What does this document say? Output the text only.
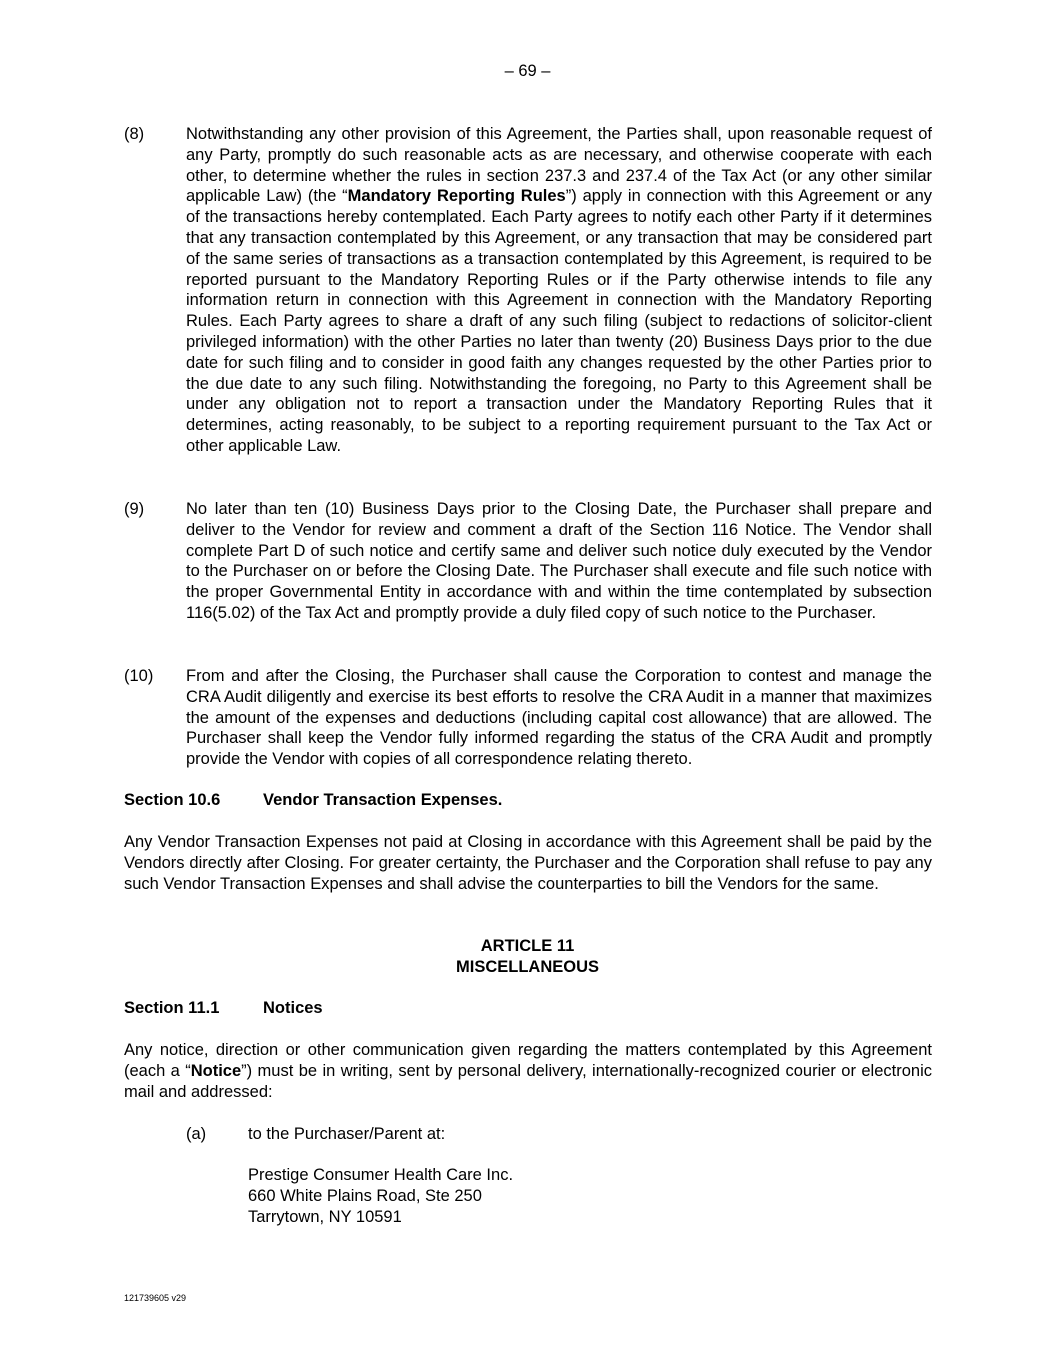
– 69 –
(8)	Notwithstanding any other provision of this Agreement, the Parties shall, upon reasonable request of any Party, promptly do such reasonable acts as are necessary, and otherwise cooperate with each other, to determine whether the rules in section 237.3 and 237.4 of the Tax Act (or any other similar applicable Law) (the “Mandatory Reporting Rules”) apply in connection with this Agreement or any of the transactions hereby contemplated. Each Party agrees to notify each other Party if it determines that any transaction contemplated by this Agreement, or any transaction that may be considered part of the same series of transactions as a transaction contemplated by this Agreement, is required to be reported pursuant to the Mandatory Reporting Rules or if the Party otherwise intends to file any information return in connection with this Agreement in connection with the Mandatory Reporting Rules. Each Party agrees to share a draft of any such filing (subject to redactions of solicitor-client privileged information) with the other Parties no later than twenty (20) Business Days prior to the due date for such filing and to consider in good faith any changes requested by the other Parties prior to the due date to any such filing. Notwithstanding the foregoing, no Party to this Agreement shall be under any obligation not to report a transaction under the Mandatory Reporting Rules that it determines, acting reasonably, to be subject to a reporting requirement pursuant to the Tax Act or other applicable Law.
(9)	No later than ten (10) Business Days prior to the Closing Date, the Purchaser shall prepare and deliver to the Vendor for review and comment a draft of the Section 116 Notice. The Vendor shall complete Part D of such notice and certify same and deliver such notice duly executed by the Vendor to the Purchaser on or before the Closing Date. The Purchaser shall execute and file such notice with the proper Governmental Entity in accordance with and within the time contemplated by subsection 116(5.02) of the Tax Act and promptly provide a duly filed copy of such notice to the Purchaser.
(10) From and after the Closing, the Purchaser shall cause the Corporation to contest and manage the CRA Audit diligently and exercise its best efforts to resolve the CRA Audit in a manner that maximizes the amount of the expenses and deductions (including capital cost allowance) that are allowed. The Purchaser shall keep the Vendor fully informed regarding the status of the CRA Audit and promptly provide the Vendor with copies of all correspondence relating thereto.
Section 10.6	Vendor Transaction Expenses.
Any Vendor Transaction Expenses not paid at Closing in accordance with this Agreement shall be paid by the Vendors directly after Closing. For greater certainty, the Purchaser and the Corporation shall refuse to pay any such Vendor Transaction Expenses and shall advise the counterparties to bill the Vendors for the same.
ARTICLE 11
MISCELLANEOUS
Section 11.1	Notices
Any notice, direction or other communication given regarding the matters contemplated by this Agreement (each a “Notice”) must be in writing, sent by personal delivery, internationally-recognized courier or electronic mail and addressed:
(a)	to the Purchaser/Parent at:
Prestige Consumer Health Care Inc.
660 White Plains Road, Ste 250
Tarrytown, NY 10591
121739605 v29
